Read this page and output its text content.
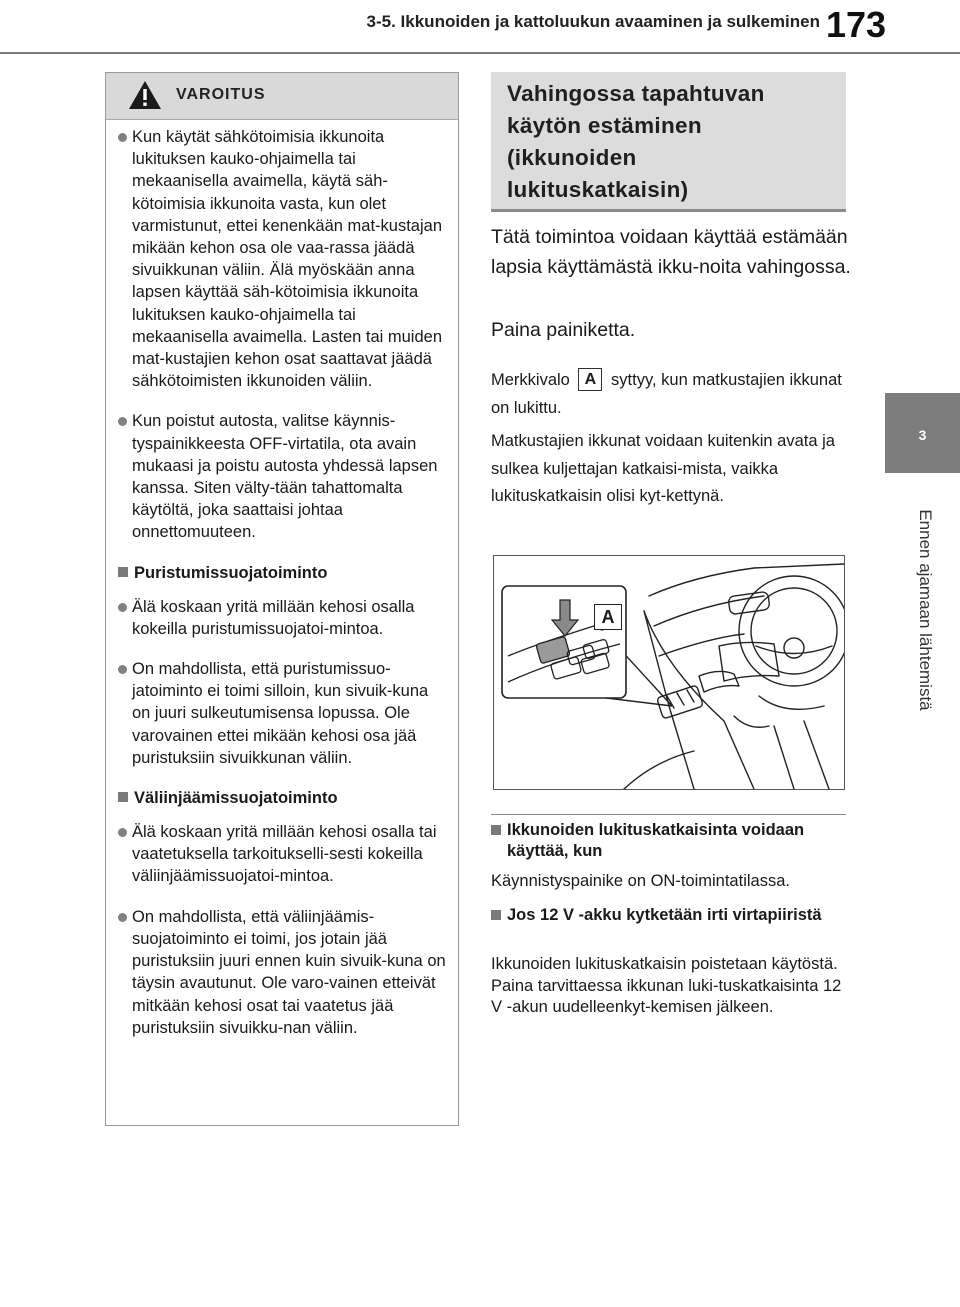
3-5. Ikkunoiden ja kattoluukun avaaminen ja sulkeminen 173
3
Ennen ajamaan lähtemistä
VAROITUS
Kun käytät sähkötoimisia ikkunoita lukituksen kauko-ohjaimella tai mekaanisella avaimella, käytä säh-kötoimisia ikkunoita vasta, kun olet varmistunut, ettei kenenkään mat-kustajan mikään kehon osa ole vaa-rassa jäädä sivuikkunan väliin. Älä myöskään anna lapsen käyttää säh-kötoimisia ikkunoita lukituksen kauko-ohjaimella tai mekaanisella avaimella. Lasten tai muiden mat-kustajien kehon osat saattavat jäädä sähkötoimisten ikkunoiden väliin.
Kun poistut autosta, valitse käynnis-tyspainikkeesta OFF-virtatila, ota avain mukaasi ja poistu autosta yhdessä lapsen kanssa. Siten välty-tään tahattomalta käytöltä, joka saattaisi johtaa onnettomuuteen.
Puristumissuojatoiminto
Älä koskaan yritä millään kehosi osalla kokeilla puristumissuojatoi-mintoa.
On mahdollista, että puristumissuo-jatoiminto ei toimi silloin, kun sivuik-kuna on juuri sulkeutumisensa lopussa. Ole varovainen ettei mikään kehosi osa jää puristuksiin sivuikkunan väliin.
Väliinjäämissuojatoiminto
Älä koskaan yritä millään kehosi osalla tai vaatetuksella tarkoitukselli-sesti kokeilla väliinjäämissuojatoi-mintoa.
On mahdollista, että väliinjäämis-suojatoiminto ei toimi, jos jotain jää puristuksiin juuri ennen kuin sivuik-kuna on täysin avautunut. Ole varo-vainen etteivät mitkään kehosi osat tai vaatetus jää puristuksiin sivuikku-nan väliin.
Vahingossa tapahtuvan
käytön estäminen
(ikkunoiden
lukituskatkaisin)
Tätä toimintoa voidaan käyttää estämään lapsia käyttämästä ikku-noita vahingossa.
Paina painiketta.
Merkkivalo A syttyy, kun matkustajien ikkunat on lukittu.
Matkustajien ikkunat voidaan kuitenkin avata ja sulkea kuljettajan katkaisi-mista, vaikka lukituskatkaisin olisi kyt-kettynä.
A
Ikkunoiden lukituskatkaisinta voidaan käyttää, kun
Käynnistyspainike on ON-toimintatilassa.
Jos 12 V -akku kytketään irti virtapiiristä
Ikkunoiden lukituskatkaisin poistetaan käytöstä. Paina tarvittaessa ikkunan luki-tuskatkaisinta 12 V -akun uudelleenkyt-kemisen jälkeen.
